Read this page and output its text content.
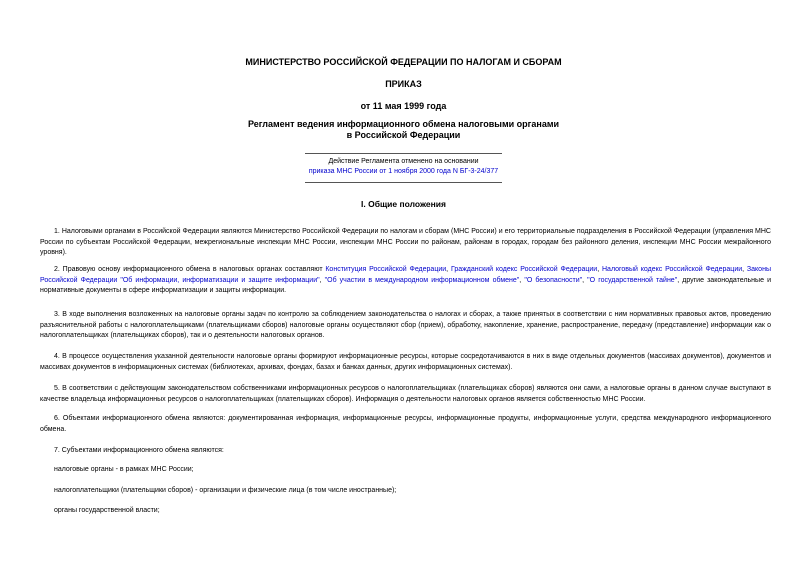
МИНИСТЕРСТВО РОССИЙСКОЙ ФЕДЕРАЦИИ ПО НАЛОГАМ И СБОРАМ
ПРИКАЗ
от 11 мая 1999 года
Регламент ведения информационного обмена налоговыми органами
в Российской Федерации
Действие Регламента отменено на основании
приказа МНС России от 1 ноября 2000 года N БГ-3-24/377
I. Общие положения
1. Налоговыми органами в Российской Федерации являются Министерство Российской Федерации по налогам и сборам (МНС России) и его территориальные подразделения в Российской Федерации (управления МНС России по субъектам Российской Федерации, межрегиональные инспекции МНС России, инспекции МНС России по районам, районам в городах, городам без районного деления, инспекции МНС России межрайонного уровня).
2. Правовую основу информационного обмена в налоговых органах составляют Конституция Российской Федерации, Гражданский кодекс Российской Федерации, Налоговый кодекс Российской Федерации, Законы Российской Федерации "Об информации, информатизации и защите информации", "Об участии в международном информационном обмене", "О безопасности", "О государственной тайне", другие законодательные и нормативные документы в сфере информатизации и защиты информации.
3. В ходе выполнения возложенных на налоговые органы задач по контролю за соблюдением законодательства о налогах и сборах, а также принятых в соответствии с ним нормативных правовых актов, проведению разъяснительной работы с налогоплательщиками (плательщиками сборов) налоговые органы осуществляют сбор (прием), обработку, накопление, хранение, распространение, передачу (представление) информации как о налогоплательщиках (плательщиках сборов), так и о деятельности налоговых органов.
4. В процессе осуществления указанной деятельности налоговые органы формируют информационные ресурсы, которые сосредотачиваются в них в виде отдельных документов (массивах документов), документов и массивах документов в информационных системах (библиотеках, архивах, фондах, базах и банках данных, других информационных системах).
5. В соответствии с действующим законодательством собственниками информационных ресурсов о налогоплательщиках (плательщиках сборов) являются они сами, а налоговые органы в данном случае выступают в качестве владельца информационных ресурсов о налогоплательщиках (плательщиках сборов). Информация о деятельности налоговых органов является собственностью МНС России.
6. Объектами информационного обмена являются: документированная информация, информационные ресурсы, информационные продукты, информационные услуги, средства международного информационного обмена.
7. Субъектами информационного обмена являются:
налоговые органы - в рамках МНС России;
налогоплательщики (плательщики сборов) - организации и физические лица (в том числе иностранные);
органы государственной власти;
